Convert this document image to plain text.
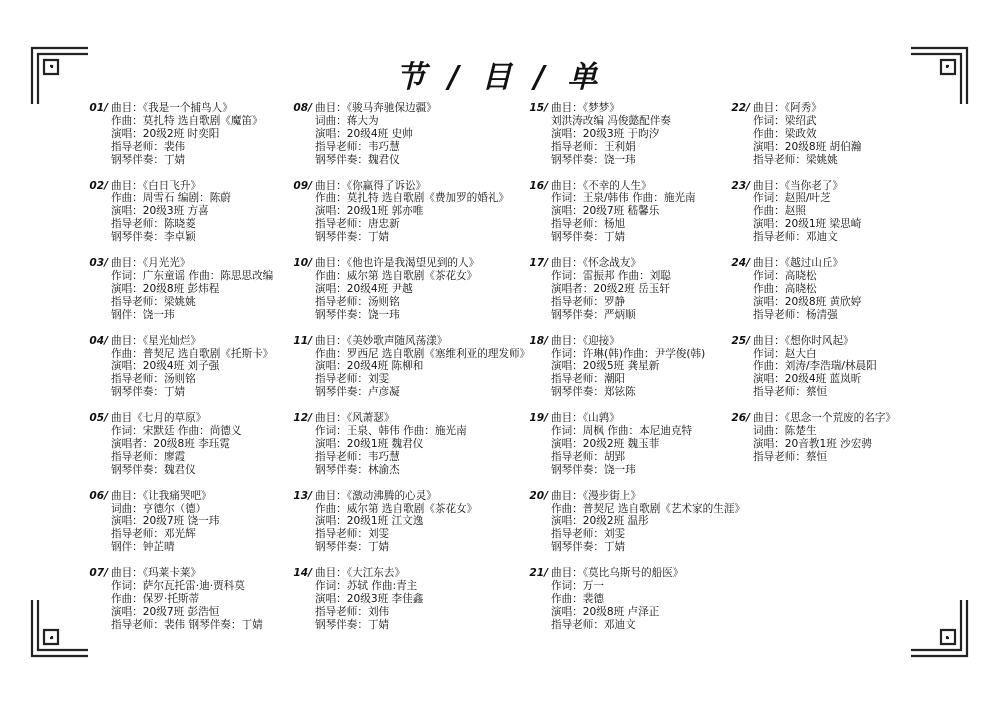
节 / 目 / 单
01/ 曲目：《我是一个捕鸟人》
作曲：莫扎特 选自歌剧《魔笛》
演唱：20级2班 时奕阳
指导老师：裴伟
钢琴伴奏：丁婧
02/ 曲目：《白日飞升》
作曲：周雪石 编剧：陈蔚
演唱：20级3班 方喜
指导老师：陈晓菱
钢琴伴奏：李卓颖
03/ 曲目：《月光光》
作词：广东童谣 作曲：陈思思改编
演唱：20级8班 彭炜程
指导老师：梁姚姚
钢伴：饶一玮
04/ 曲目：《星光灿烂》
作曲：普契尼 选自歌剧《托斯卡》
演唱：20级4班 刘子强
指导老师：汤则铭
钢琴伴奏：丁婧
05/ 曲目《七月的草原》
作词：宋默廷 作曲：尚德义
演唱者：20级8班 李珏霓
指导老师：廖霞
钢琴伴奏：魏君仪
06/ 曲目：《让我痛哭吧》
词曲：亨德尔（德）
演唱：20级7班 饶一玮
指导老师：邓光辉
钢伴：钟芷晴
07/ 曲目：《玛莱卡莱》
作词：萨尔瓦托雷·迪·贾科莫
作曲：保罗·托斯蒂
演唱：20级7班 彭浩恒
指导老师：裴伟 钢琴伴奏：丁婧
08/ 曲目：《骏马奔驰保边疆》
词曲：蒋大为
演唱：20级4班 史帅
指导老师：韦巧慧
钢琴伴奏：魏君仪
09/ 曲目：《你赢得了诉讼》
作曲：莫扎特 选自歌剧《费加罗的婚礼》
演唱：20级1班 郭亦唯
指导老师：唐忠新
钢琴伴奏：丁婧
10/ 曲目：《他也许是我渴望见到的人》
作曲：威尔第 选自歌剧《茶花女》
演唱：20级4班 尹越
指导老师：汤则铭
钢琴伴奏：饶一玮
11/ 曲目：《美妙歌声随风荡漾》
作曲：罗西尼 选自歌剧《塞维利亚的理发师》
演唱：20级4班 陈柳和
指导老师：刘雯
钢琴伴奏：卢彦凝
12/ 曲目：《风萧瑟》
作词：王泉、韩伟 作曲：施光南
演唱：20级1班 魏君仪
指导老师：韦巧慧
钢琴伴奏：林渝杰
13/ 曲目：《激动沸腾的心灵》
作曲：威尔第 选自歌剧《茶花女》
演唱：20级1班 江文逸
指导老师：刘雯
钢琴伴奏：丁婧
14/ 曲目：《大江东去》
作词：苏轼 作曲:青主
演唱：20级3班 李佳鑫
指导老师：刘伟
钢琴伴奏：丁婧
15/ 曲目：《梦梦》
刘洪涛改编 冯俊懿配伴奏
演唱：20级3班 于昀汐
指导老师：王利娟
钢琴伴奏：饶一玮
16/ 曲目：《不幸的人生》
作词：王泉/韩伟 作曲：施光南
演唱：20级7班 嵇馨乐
指导老师：杨旭
钢琴伴奏：丁婧
17/ 曲目：《怀念战友》
作词：雷振邦 作曲：刘聪
演唱者：20级2班 岳玉轩
指导老师：罗静
钢琴伴奏：严炳顺
18/ 曲目：《迎接》
作词：许琳(韩)作曲：尹学俊(韩)
演唱：20级5班 龚星新
指导老师：潮阳
钢琴伴奏：郑铉陈
19/ 曲目：《山鹑》
作词：周枫 作曲：本尼迪克特
演唱：20级2班 魏玉菲
指导老师：胡郢
钢琴伴奏：饶一玮
20/ 曲目：《漫步街上》
作曲：普契尼 选自歌剧《艺术家的生涯》
演唱：20级2班 温彤
指导老师：刘雯
钢琴伴奏：丁婧
21/ 曲目：《莫比乌斯号的船医》
作词：万一
作曲：裴德
演唱：20级8班 卢泽正
指导老师：邓迪文
22/ 曲目：《阿秀》
作词：梁绍武
作曲：梁政效
演唱：20级8班 胡伯瀚
指导老师：梁姚姚
23/ 曲目：《当你老了》
作词：赵照/叶芝
作曲：赵照
演唱：20级1班 梁思崎
指导老师：邓迪文
24/ 曲目：《越过山丘》
作词：高晓松
作曲：高晓松
演唱：20级8班 黄欣婷
指导老师：杨清强
25/ 曲目：《想你时风起》
作词：赵大白
作曲：刘涛/李浩瑞/林晨阳
演唱：20级4班 蓝岚昕
指导老师：蔡恒
26/ 曲目：《思念一个荒废的名字》
词曲：陈楚生
演唱：20音教1班 沙宏骋
指导老师：蔡恒
